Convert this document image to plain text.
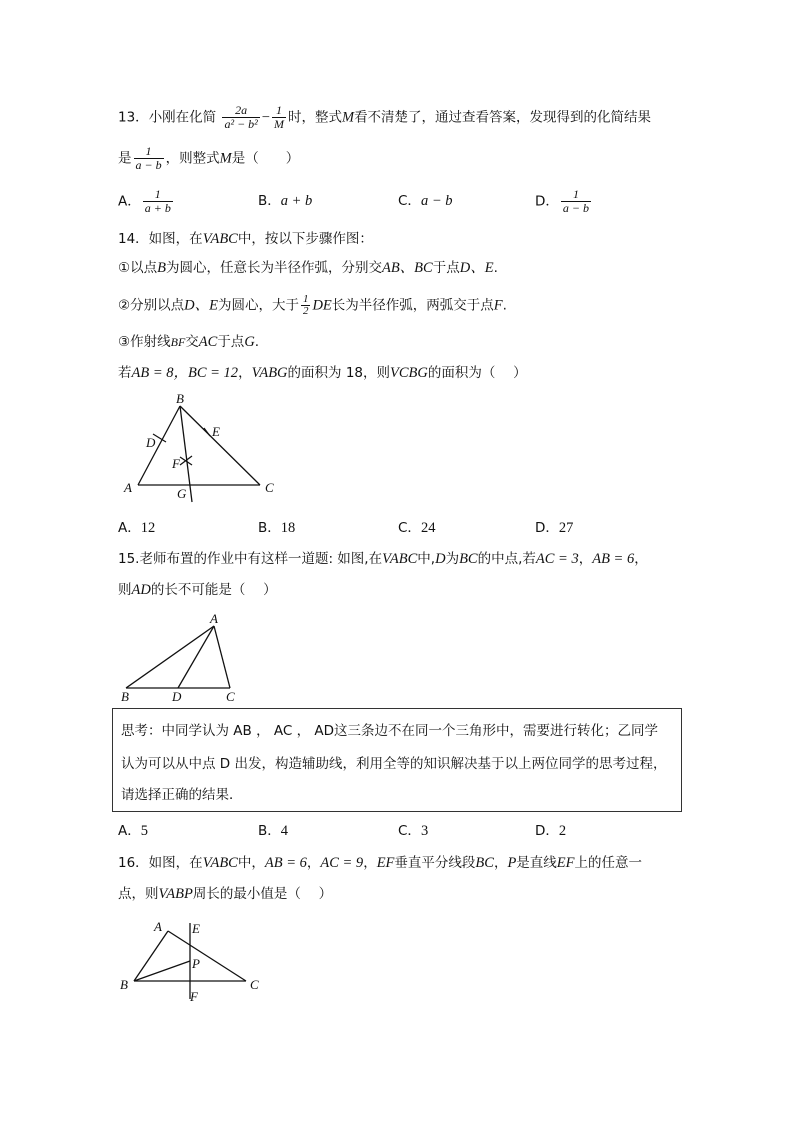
13．小刚在化简 $\frac{2a}{\text{a² − b²}} - \frac{1}{M}$ 时，整式M看不清楚了，通过查看答案，发现得到的化简结果
是 $\frac{1}{a - b}$ ，则整式M是（　　）
A． $\frac{1}{a + b}$	B．a + b	C．a − b	D． $\frac{1}{a - b}$
14．如图，在VABC中，按以下步骤作图：
①以点B为圆心，任意长为半径作弧，分别交AB、BC于点D、E.
②分别以点D、E为圆心，大于 $\frac{1}{2}$ DE长为半径作弧，两弧交于点F.
③作射线BF交AC于点G.
若AB = 8，BC = 12，VABG的面积为 18，则VCBG的面积为（　 ）
B
D
E
F
A	G	C
A．12	B．18	C．24	D．27
15.老师布置的作业中有这样一道题: 如图,在VABC中,D为BC的中点,若AC = 3，AB = 6，
则AD的长不可能是（　 ）
A
B	D	C
思考：中同学认为 AB ， AC ， AD这三条边不在同一个三角形中，需要进行转化；乙同学
认为可以从中点 D 出发，构造辅助线，利用全等的知识解决基于以上两位同学的思考过程，
请选择正确的结果．
A．5	B．4	C．3	D．2
16．如图，在VABC中，AB = 6，AC = 9，EF垂直平分线段BC，P是直线EF上的任意一
点，则VABP周长的最小值是（　 ）
A E
P
B
F
C
